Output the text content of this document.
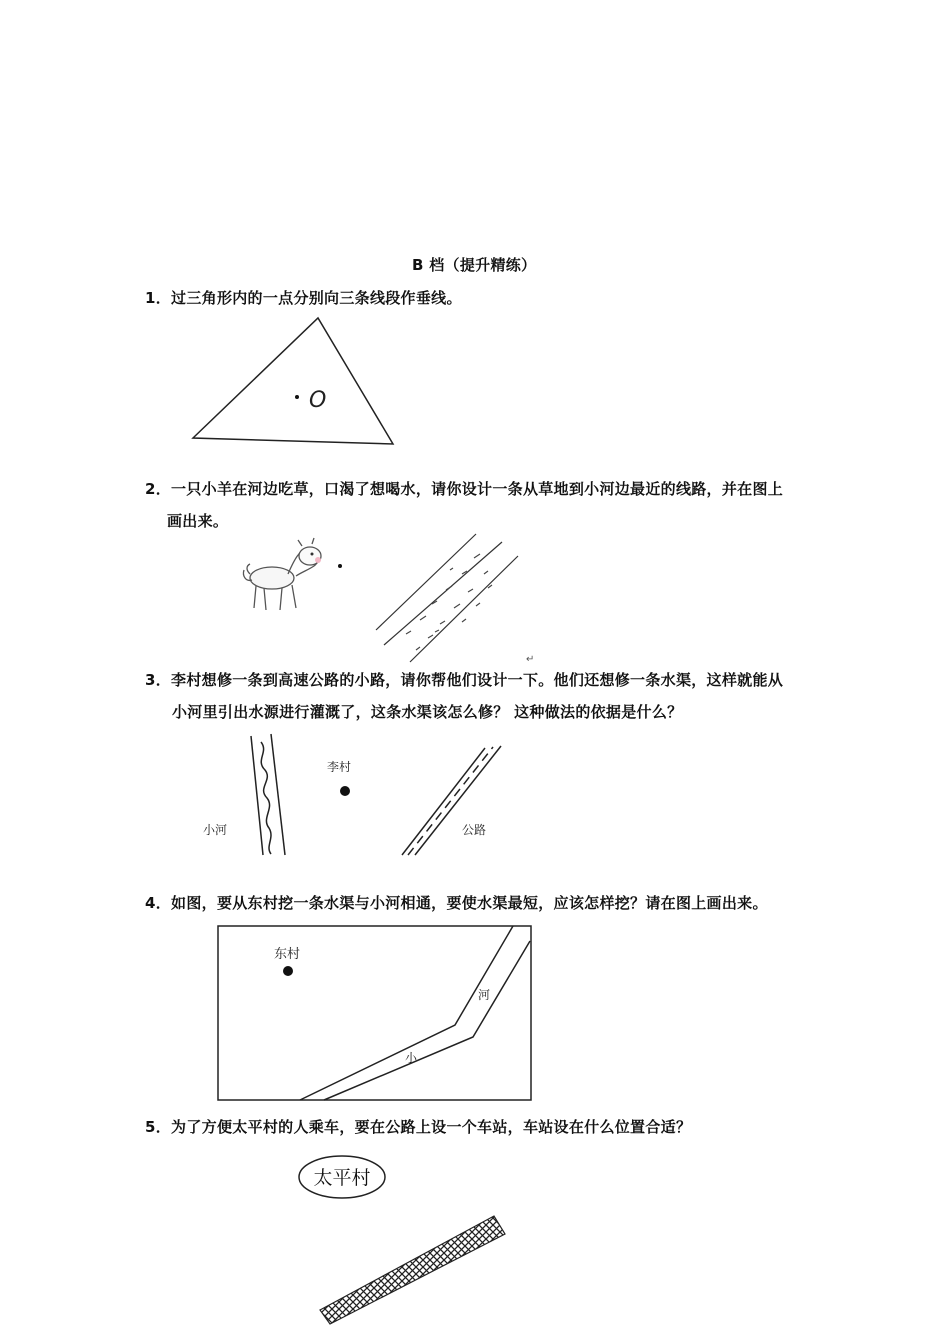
B 档（提升精练）
1．过三角形内的一点分别向三条线段作垂线。
O
2．一只小羊在河边吃草，口渴了想喝水，请你设计一条从草地到小河边最近的线路，并在图上
画出来。
↵
3．李村想修一条到高速公路的小路，请你帮他们设计一下。他们还想修一条水渠，这样就能从
小河里引出水源进行灌溉了，这条水渠该怎么修？ 这种做法的依据是什么？
小河
李村
公路
4．如图，要从东村挖一条水渠与小河相通，要使水渠最短，应该怎样挖？请在图上画出来。
东村
小
河
5．为了方便太平村的人乘车，要在公路上设一个车站，车站设在什么位置合适？
太平村
